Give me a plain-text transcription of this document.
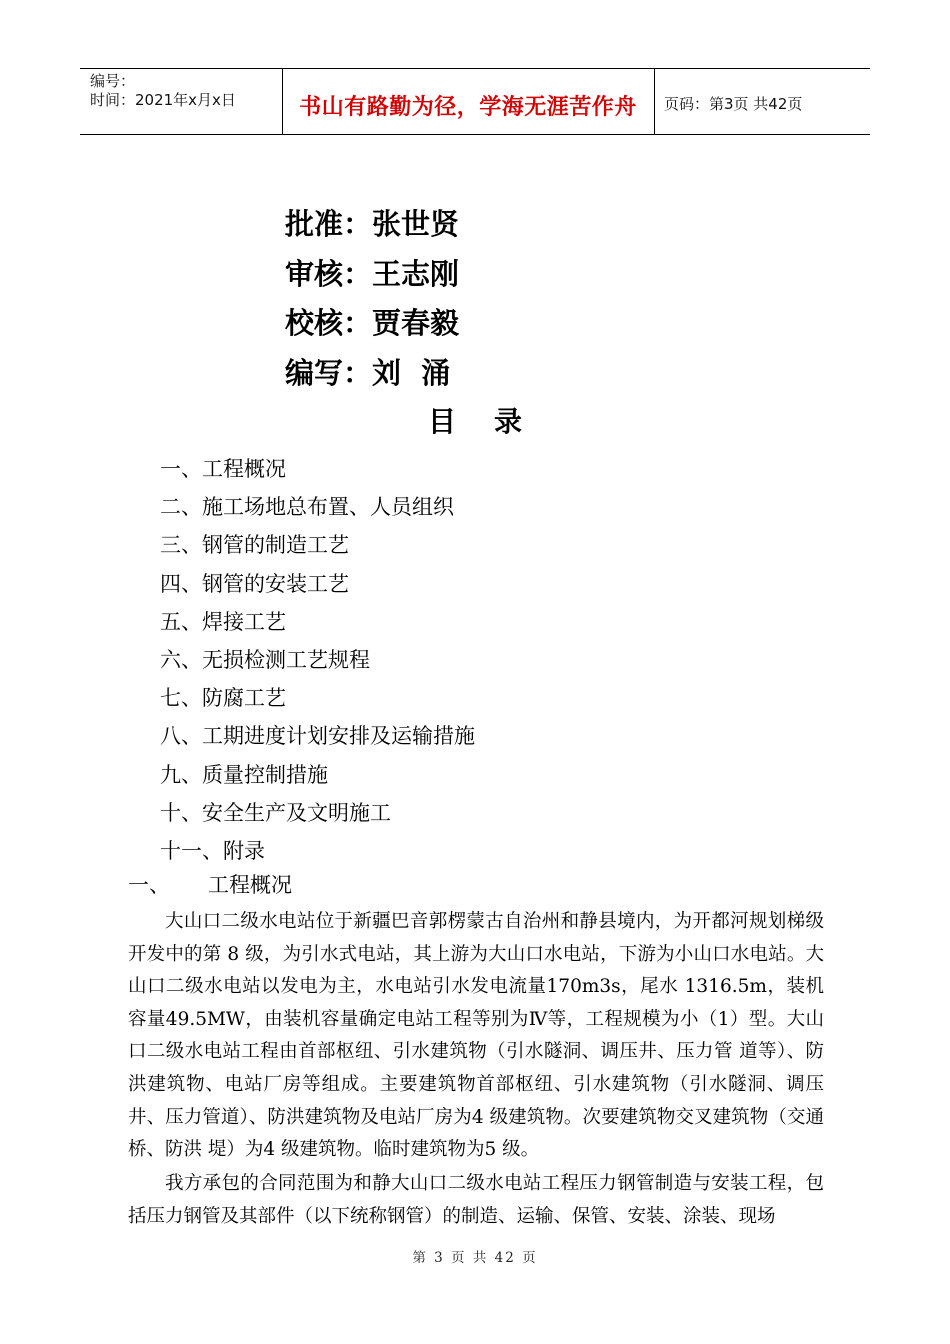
编号：
时间：2021年x月x日	书山有路勤为径，学海无涯苦作舟	页码：第3页 共42页
批准：张世贤
审核：王志刚
校核：贾春毅
编写：刘  涌
目录
一、工程概况
二、施工场地总布置、人员组织
三、钢管的制造工艺
四、钢管的安装工艺
五、焊接工艺
六、无损检测工艺规程
七、防腐工艺
八、工期进度计划安排及运输措施
九、质量控制措施
十、安全生产及文明施工
十一、附录
一、 工程概况

大山口二级水电站位于新疆巴音郭楞蒙古自治州和静县境内，为开都河规划梯级开发中的第 8 级，为引水式电站，其上游为大山口水电站，下游为小山口水电站。大山口二级水电站以发电为主，水电站引水发电流量170m3s，尾水 1316.5m，装机容量49.5MW，由装机容量确定电站工程等别为Ⅳ等，工程规模为小（1）型。大山口二级水电站工程由首部枢纽、引水建筑物（引水隧洞、调压井、压力管 道等）、防洪建筑物、电站厂房等组成。主要建筑物首部枢纽、引水建筑物（引水隧洞、调压井、压力管道）、防洪建筑物及电站厂房为4 级建筑物。次要建筑物交叉建筑物（交通桥、防洪 堤）为4 级建筑物。临时建筑物为5 级。

我方承包的合同范围为和静大山口二级水电站工程压力钢管制造与安装工程，包括压力钢管及其部件（以下统称钢管）的制造、运输、保管、安装、涂装、现场

第 3 页 共 42 页
